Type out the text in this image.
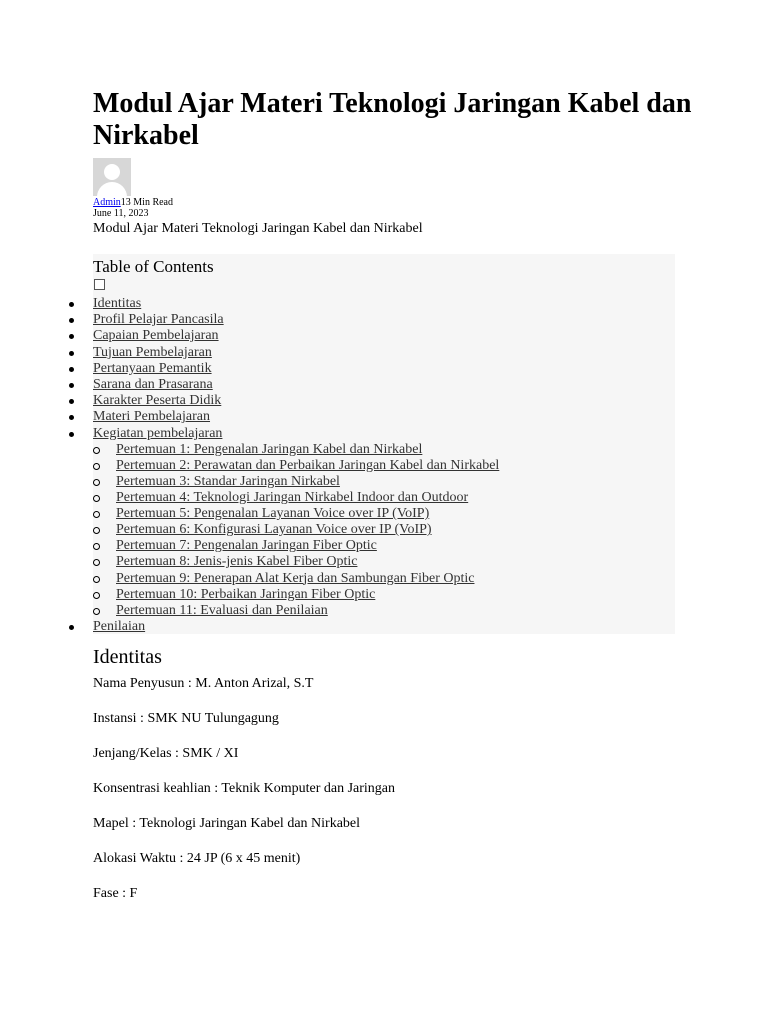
Modul Ajar Materi Teknologi Jaringan Kabel dan Nirkabel
Admin13 Min Read
June 11, 2023
Modul Ajar Materi Teknologi Jaringan Kabel dan Nirkabel
Table of Contents
Identitas
Profil Pelajar Pancasila
Capaian Pembelajaran
Tujuan Pembelajaran
Pertanyaan Pemantik
Sarana dan Prasarana
Karakter Peserta Didik
Materi Pembelajaran
Kegiatan pembelajaran
Pertemuan 1: Pengenalan Jaringan Kabel dan Nirkabel
Pertemuan 2: Perawatan dan Perbaikan Jaringan Kabel dan Nirkabel
Pertemuan 3: Standar Jaringan Nirkabel
Pertemuan 4: Teknologi Jaringan Nirkabel Indoor dan Outdoor
Pertemuan 5: Pengenalan Layanan Voice over IP (VoIP)
Pertemuan 6: Konfigurasi Layanan Voice over IP (VoIP)
Pertemuan 7: Pengenalan Jaringan Fiber Optic
Pertemuan 8: Jenis-jenis Kabel Fiber Optic
Pertemuan 9: Penerapan Alat Kerja dan Sambungan Fiber Optic
Pertemuan 10: Perbaikan Jaringan Fiber Optic
Pertemuan 11: Evaluasi dan Penilaian
Penilaian
Identitas

Nama Penyusun : M. Anton Arizal, S.T

Instansi : SMK NU Tulungagung

Jenjang/Kelas : SMK / XI

Konsentrasi keahlian : Teknik Komputer dan Jaringan

Mapel : Teknologi Jaringan Kabel dan Nirkabel

Alokasi Waktu : 24 JP (6 x 45 menit)

Fase : F
